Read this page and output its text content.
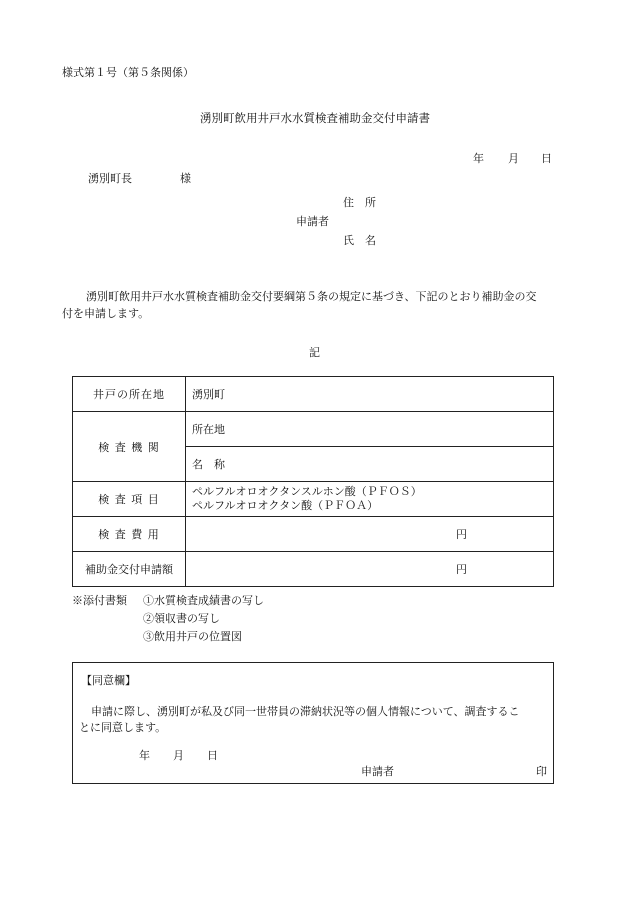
様式第１号（第５条関係）
湧別町飲用井戸水水質検査補助金交付申請書
年 月 日
湧別町長	様
住　所
申請者
氏　名
湧別町飲用井戸水水質検査補助金交付要綱第５条の規定に基づき、下記のとおり補助金の交
付を申請します。
記
井戸の所在地	湧別町
検 査 機 関	所在地
	名　称
検 査 項 目	ペルフルオロオクタンスルホン酸（ＰＦＯＳ）
ペルフルオロオクタン酸（ＰＦＯＡ）

検 査 費 用	円

補助金交付申請額	円
※添付書類 ①水質検査成績書の写し
②領収書の写し
③飲用井戸の位置図
【同意欄】
申請に際し、湧別町が私及び同一世帯員の滞納状況等の個人情報について、調査するこ
とに同意します。
年 月 日
申請者	印
